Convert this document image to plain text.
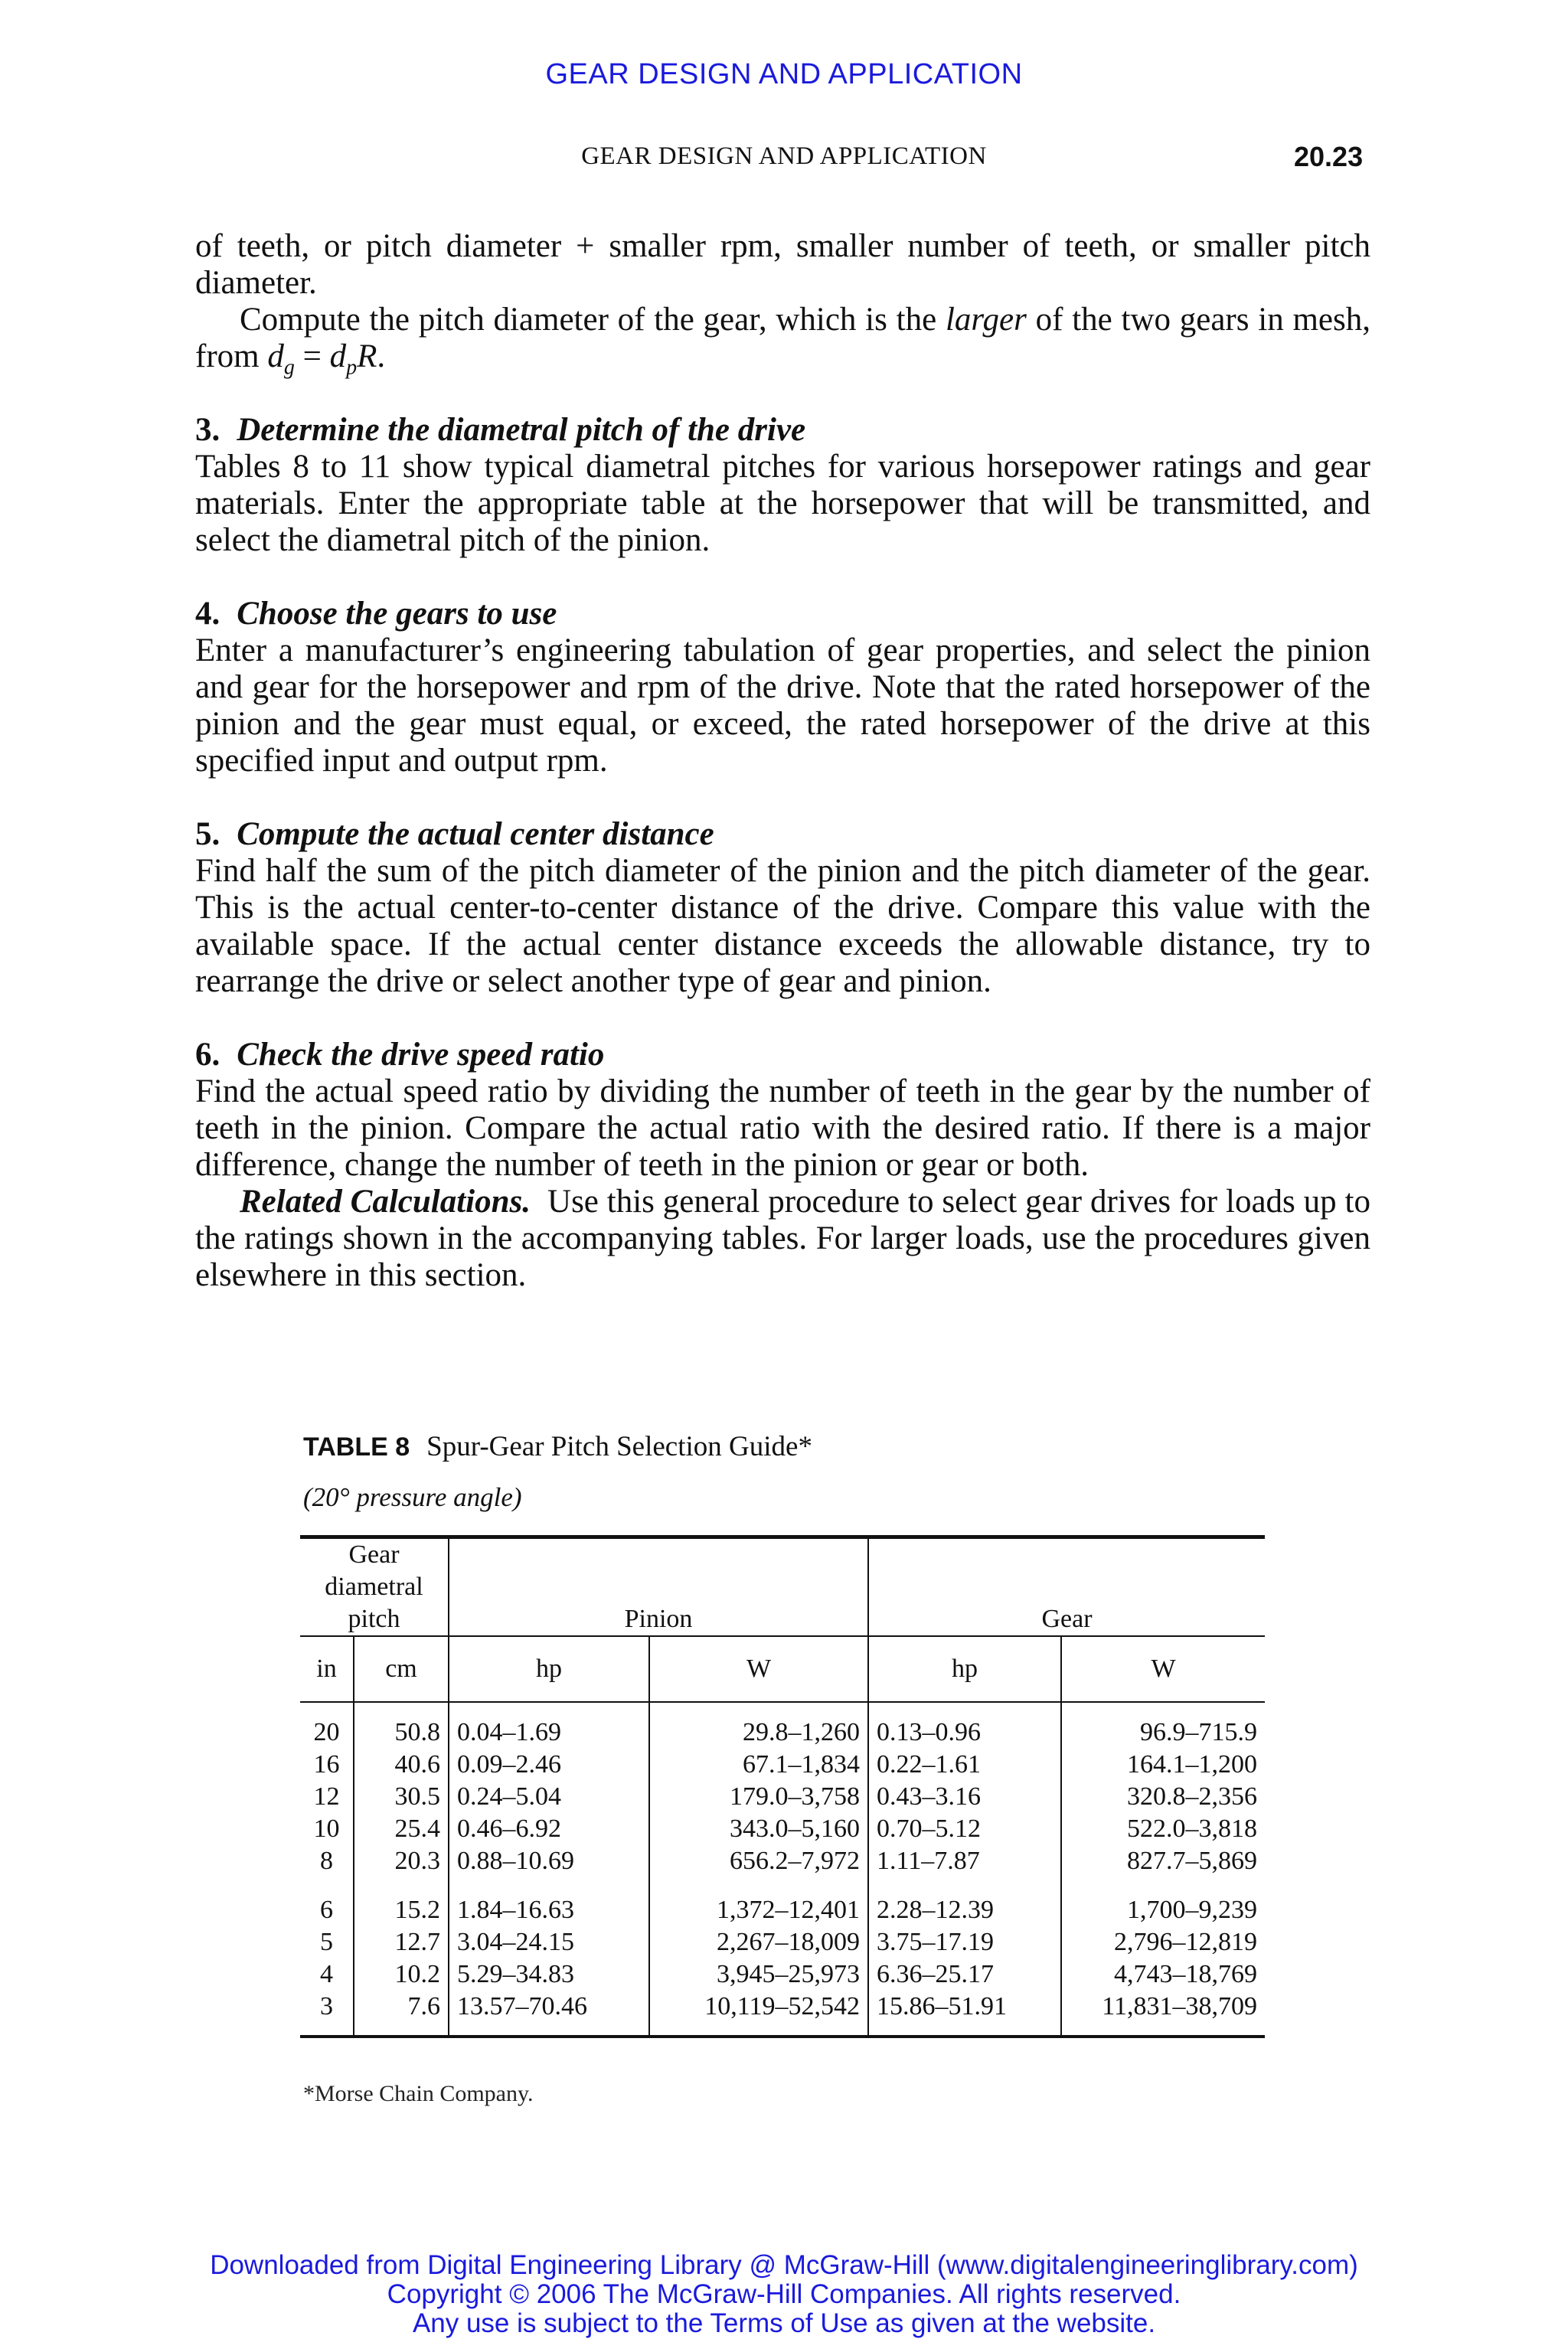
GEAR DESIGN AND APPLICATION
GEAR DESIGN AND APPLICATION	20.23

of teeth, or pitch diameter + smaller rpm, smaller number of teeth, or smaller pitch diameter.

Compute the pitch diameter of the gear, which is the larger of the two gears in mesh, from $d_g = d_pR$.

3. Determine the diametral pitch of the drive

Tables 8 to 11 show typical diametral pitches for various horsepower ratings and gear materials. Enter the appropriate table at the horsepower that will be transmitted, and select the diametral pitch of the pinion.

4. Choose the gears to use

Enter a manufacturer’s engineering tabulation of gear properties, and select the pinion and gear for the horsepower and rpm of the drive. Note that the rated horsepower of the pinion and the gear must equal, or exceed, the rated horsepower of the drive at this specified input and output rpm.

5. Compute the actual center distance

Find half the sum of the pitch diameter of the pinion and the pitch diameter of the gear. This is the actual center-to-center distance of the drive. Compare this value with the available space. If the actual center distance exceeds the allowable distance, try to rearrange the drive or select another type of gear and pinion.

6. Check the drive speed ratio

Find the actual speed ratio by dividing the number of teeth in the gear by the number of teeth in the pinion. Compare the actual ratio with the desired ratio. If there is a major difference, change the number of teeth in the pinion or gear or both.

Related Calculations. Use this general procedure to select gear drives for loads up to the ratings shown in the accompanying tables. For larger loads, use the procedures given elsewhere in this section.

TABLE 8 Spur-Gear Pitch Selection Guide*
(20° pressure angle)
Gear
diametral
pitch		Pinion		Gear	
in	cm	hp	W	hp	W
20	50.8	0.04–1.69	29.8–1,260	0.13–0.96	96.9–715.9
16	40.6	0.09–2.46	67.1–1,834	0.22–1.61	164.1–1,200
12	30.5	0.24–5.04	179.0–3,758	0.43–3.16	320.8–2,356
10	25.4	0.46–6.92	343.0–5,160	0.70–5.12	522.0–3,818
8	20.3	0.88–10.69	656.2–7,972	1.11–7.87	827.7–5,869
6	15.2	1.84–16.63	1,372–12,401	2.28–12.39	1,700–9,239
5	12.7	3.04–24.15	2,267–18,009	3.75–17.19	2,796–12,819
4	10.2	5.29–34.83	3,945–25,973	6.36–25.17	4,743–18,769
3	7.6	13.57–70.46	10,119–52,542	15.86–51.91	11,831–38,709
*Morse Chain Company.
Downloaded from Digital Engineering Library @ McGraw-Hill (www.digitalengineeringlibrary.com)
Copyright © 2006 The McGraw-Hill Companies. All rights reserved.
Any use is subject to the Terms of Use as given at the website.
